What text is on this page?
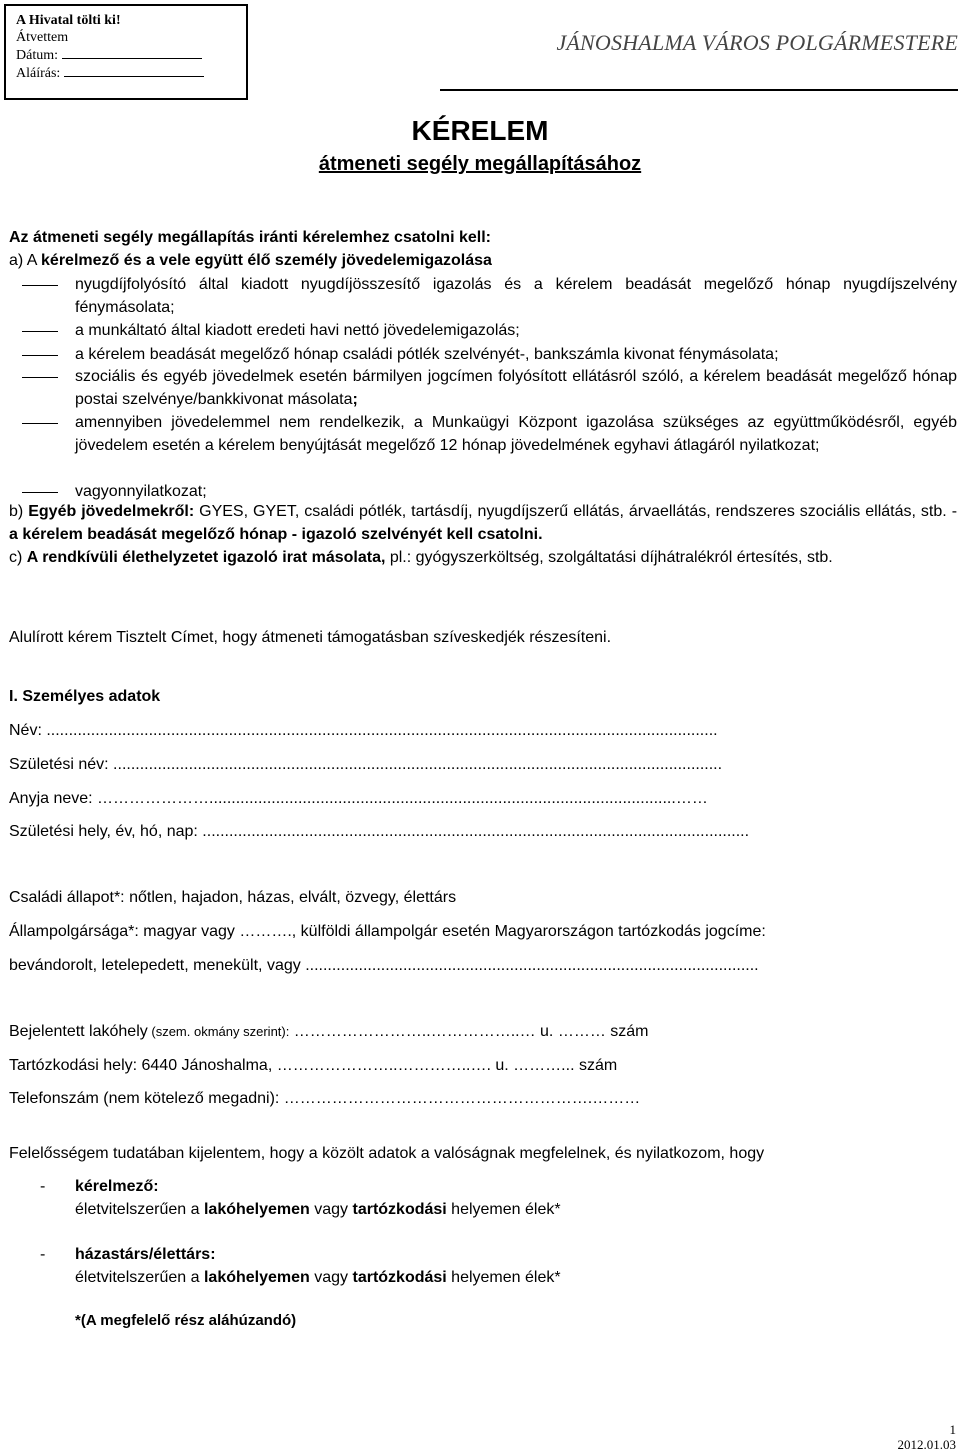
A Hivatal tölti ki!
Átvettem
Dátum:
Aláírás:
JÁNOSHALMA VÁROS POLGÁRMESTERE
KÉRELEM
átmeneti segély megállapításához
Az átmeneti segély megállapítás iránti kérelemhez csatolni kell:
a) A kérelmező és a vele együtt élő személy jövedelemigazolása
nyugdíjfolyósító által kiadott nyugdíjösszesítő igazolás és a kérelem beadását megelőző hónap nyugdíjszelvény fénymásolata;
a munkáltató által kiadott eredeti havi nettó jövedelemigazolás;
a kérelem beadását megelőző hónap családi pótlék szelvényét-, bankszámla kivonat fénymásolata;
szociális és egyéb jövedelmek esetén bármilyen jogcímen folyósított ellátásról szóló, a kérelem beadását megelőző hónap postai szelvénye/bankkivonat másolata;
amennyiben jövedelemmel nem rendelkezik, a Munkaügyi Központ igazolása szükséges az együttműködésről, egyéb jövedelem esetén a kérelem benyújtását megelőző 12 hónap jövedelmének egyhavi átlagáról nyilatkozat;
vagyonnyilatkozat;
b) Egyéb jövedelmekről: GYES, GYET, családi pótlék, tartásdíj, nyugdíjszerű ellátás, árvaellátás, rendszeres szociális ellátás, stb. - a kérelem beadását megelőző hónap - igazoló szelvényét kell csatolni.
c) A rendkívüli élethelyzetet igazoló irat másolata, pl.: gyógyszerköltség, szolgáltatási díjhátralékról értesítés, stb.
Alulírott kérem Tisztelt Címet, hogy átmeneti támogatásban szíveskedjék részesíteni.
I. Személyes adatok
Név: .......................................................................................................................................................
Születési név: .........................................................................................................................................
Anyja neve: ………………….........................................................................................................……
Születési hely, év, hó, nap: ...........................................................................................................................
Családi állapot*: nőtlen, hajadon, házas, elvált, özvegy, élettárs
Állampolgársága*: magyar vagy ………., külföldi állampolgár esetén Magyarországon tartózkodás jogcíme:
bevándorolt, letelepedett, menekült, vagy ......................................................................................................
Bejelentett lakóhely (szem. okmány szerint): ……………………..……………..… u. ……… szám
Tartózkodási hely: 6440 Jánoshalma, …………………..…………..…. u. ………... szám
Telefonszám (nem kötelező megadni): ………………………………………………….………
Felelősségem tudatában kijelentem, hogy a közölt adatok a valóságnak megfelelnek, és nyilatkozom, hogy
- kérelmező:
életvitelszerűen a lakóhelyemen vagy tartózkodási helyemen élek*
- házastárs/élettárs:
életvitelszerűen a lakóhelyemen vagy tartózkodási helyemen élek*
*(A megfelelő rész aláhúzandó)
1
2012.01.03
